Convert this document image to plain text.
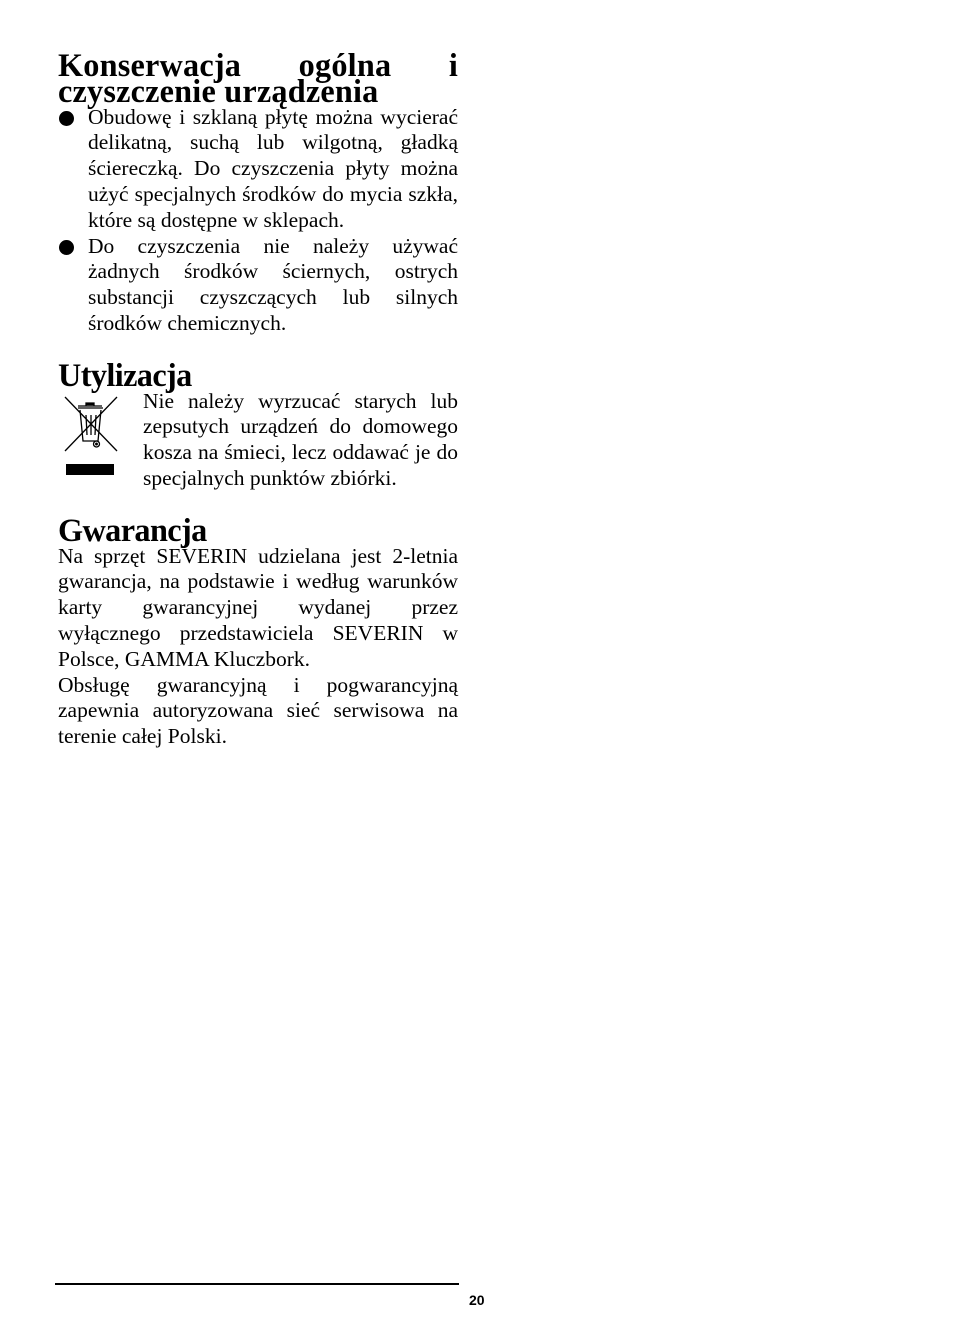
Konserwacja ogólna i czyszczenie urządzenia
Obudowę i szklaną płytę można wycierać delikatną, suchą lub wilgotną, gładką ściereczką. Do czyszczenia płyty można użyć specjalnych środków do mycia szkła, które są dostępne w sklepach.
Do czyszczenia nie należy używać żadnych środków ściernych, ostrych substancji czyszczących lub silnych środków chemicznych.
Utylizacja

Nie należy wyrzucać starych lub zepsutych urządzeń do domowego kosza na śmieci, lecz oddawać je do specjalnych punktów zbiórki.

Gwarancja

Na sprzęt SEVERIN udzielana jest 2-letnia gwarancja, na podstawie i według warunków karty gwarancyjnej wydanej przez wyłącznego przedstawiciela SEVERIN w Polsce, GAMMA Kluczbork.

Obsługę gwarancyjną i pogwarancyjną zapewnia autoryzowana sieć serwisowa na terenie całej Polski.

20
